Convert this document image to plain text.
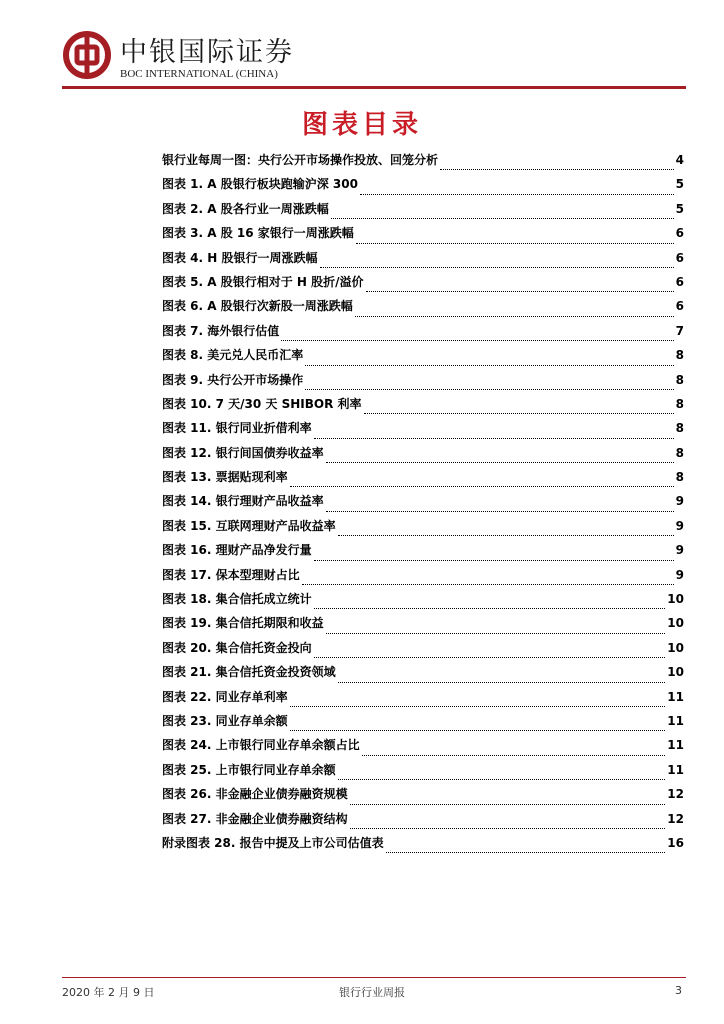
中银国际证券
BOC INTERNATIONAL (CHINA)
图表目录
银行业每周一图：央行公开市场操作投放、回笼分析	4
图表 1. A 股银行板块跑输沪深 300	5
图表 2. A 股各行业一周涨跌幅	5
图表 3. A 股 16 家银行一周涨跌幅	6
图表 4. H 股银行一周涨跌幅	6
图表 5. A 股银行相对于 H 股折/溢价	6
图表 6. A 股银行次新股一周涨跌幅	6
图表 7. 海外银行估值	7
图表 8. 美元兑人民币汇率	8
图表 9. 央行公开市场操作	8
图表 10. 7 天/30 天 SHIBOR 利率	8
图表 11. 银行同业折借利率	8
图表 12. 银行间国债券收益率	8
图表 13. 票据贴现利率	8
图表 14. 银行理财产品收益率	9
图表 15. 互联网理财产品收益率	9
图表 16. 理财产品净发行量	9
图表 17. 保本型理财占比	9
图表 18. 集合信托成立统计	10
图表 19. 集合信托期限和收益	10
图表 20. 集合信托资金投向	10
图表 21. 集合信托资金投资领域	10
图表 22. 同业存单利率	11
图表 23. 同业存单余额	11
图表 24. 上市银行同业存单余额占比	11
图表 25. 上市银行同业存单余额	11
图表 26. 非金融企业债券融资规模	12
图表 27. 非金融企业债券融资结构	12
附录图表 28. 报告中提及上市公司估值表	16
2020 年 2 月 9 日	银行行业周报	3
